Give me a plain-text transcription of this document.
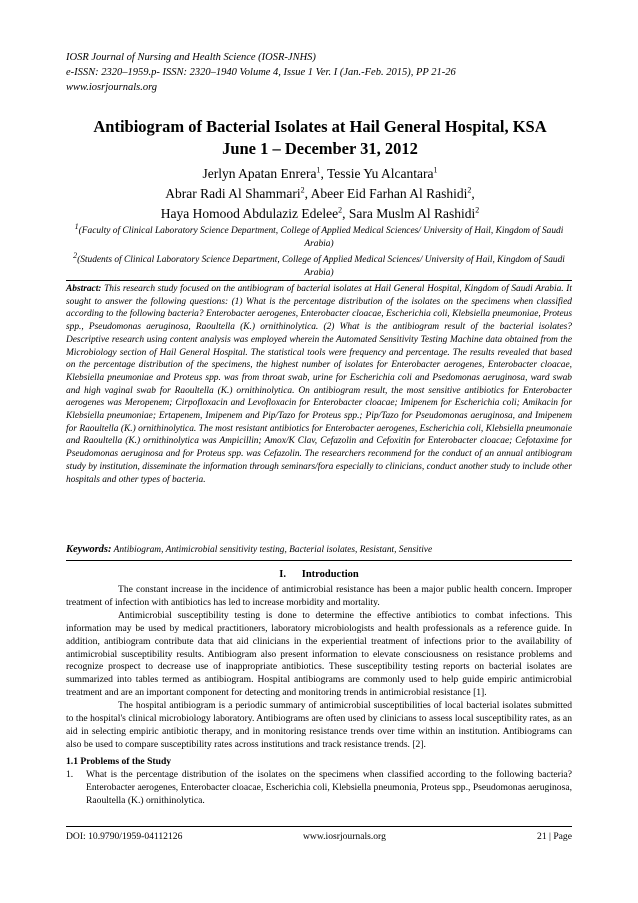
IOSR Journal of Nursing and Health Science (IOSR-JNHS)
e-ISSN: 2320–1959.p- ISSN: 2320–1940 Volume 4, Issue 1 Ver. I (Jan.-Feb. 2015), PP 21-26
www.iosrjournals.org
Antibiogram of Bacterial Isolates at Hail General Hospital, KSA
June 1 – December 31, 2012
Jerlyn Apatan Enrera$^1$, Tessie Yu Alcantara$^1$
Abrar Radi Al Shammari$^2$, Abeer Eid Farhan Al Rashidi$^2$,
Haya Homood Abdulaziz Edelee$^2$, Sara Muslm Al Rashidi$^2$
$^1$(Faculty of Clinical Laboratory Science Department, College of Applied Medical Sciences/ University of Hail, Kingdom of Saudi Arabia)
$^2$(Students of Clinical Laboratory Science Department, College of Applied Medical Sciences/ University of Hail, Kingdom of Saudi Arabia)
Abstract: This research study focused on the antibiogram of bacterial isolates at Hail General Hospital, Kingdom of Saudi Arabia. It sought to answer the following questions: (1) What is the percentage distribution of the isolates on the specimens when classified according to the following bacteria? Enterobacter aerogenes, Enterobacter cloacae, Escherichia coli, Klebsiella pneumoniae, Proteus spp., Pseudomonas aeruginosa, Raoultella (K.) ornithinolytica. (2) What is the antibiogram result of the bacterial isolates? Descriptive research using content analysis was employed wherein the Automated Sensitivity Testing Machine data obtained from the Microbiology section of Hail General Hospital. The statistical tools were frequency and percentage. The results revealed that based on the percentage distribution of the specimens, the highest number of isolates for Enterobacter aerogenes, Enterobacter cloacae, Klebsiella pneumoniae and Proteus spp. was from throat swab, urine for Escherichia coli and Psedomonas aeruginosa, ward swab and high vaginal swab for Raoultella (K.) ornithinolytica. On antibiogram result, the most sensitive antibiotics for Enterobacter aerogenes was Meropenem; Cirpofloxacin and Levofloxacin for Enterobacter cloacae; Imipenem for Escherichia coli; Amikacin for Klebsiella pneumoniae; Ertapenem, Imipenem and Pip/Tazo for Proteus spp.; Pip/Tazo for Pseudomonas aeruginosa, and Imipenem for Raoultella (K.) ornithinolytica. The most resistant antibiotics for Enterobacter aerogenes, Escherichia coli, Klebsiella pneumonaie and Raoultella (K.) ornithinolytica was Ampicillin; Amox/K Clav, Cefazolin and Cefoxitin for Enterobacter cloacae; Cefotaxime for Pseudomonas aeruginosa and for Proteus spp. was Cefazolin. The researchers recommend for the conduct of an annual antibiogram study by institution, disseminate the information through seminars/fora especially to clinicians, conduct another study to include other hospitals and other types of bacteria.
Keywords: Antibiogram, Antimicrobial sensitivity testing, Bacterial isolates, Resistant, Sensitive
I. Introduction

The constant increase in the incidence of antimicrobial resistance has been a major public health concern. Improper treatment of infection with antibiotics has led to increase morbidity and mortality.

Antimicrobial susceptibility testing is done to determine the effective antibiotics to combat infections. This information may be used by medical practitioners, laboratory microbiologists and health professionals as a reference guide. In addition, antibiogram contribute data that aid clinicians in the experiential treatment of infections prior to the availability of antimicrobial susceptibility results. Antibiogram also present information to elevate consciousness on resistance problems and recognize prospect to decrease use of inappropriate antibiotics. These susceptibility testing reports on bacterial isolates are summarized into tables termed as antibiogram. Hospital antibiograms are commonly used to help guide empiric antimicrobial treatment and are an important component for detecting and monitoring trends in antimicrobial resistance [1].

The hospital antibiogram is a periodic summary of antimicrobial susceptibilities of local bacterial isolates submitted to the hospital's clinical microbiology laboratory. Antibiograms are often used by clinicians to assess local susceptibility rates, as an aid in selecting empiric antibiotic therapy, and in monitoring resistance trends over time within an institution. Antibiograms can also be used to compare susceptibility rates across institutions and track resistance trends. [2].

1.1 Problems of the Study
1. What is the percentage distribution of the isolates on the specimens when classified according to the following bacteria? Enterobacter aerogenes, Enterobacter cloacae, Escherichia coli, Klebsiella pneumonia, Proteus spp., Pseudomonas aeruginosa, Raoultella (K.) ornithinolytica.
DOI: 10.9790/1959-04112126	www.iosrjournals.org	21 | Page
